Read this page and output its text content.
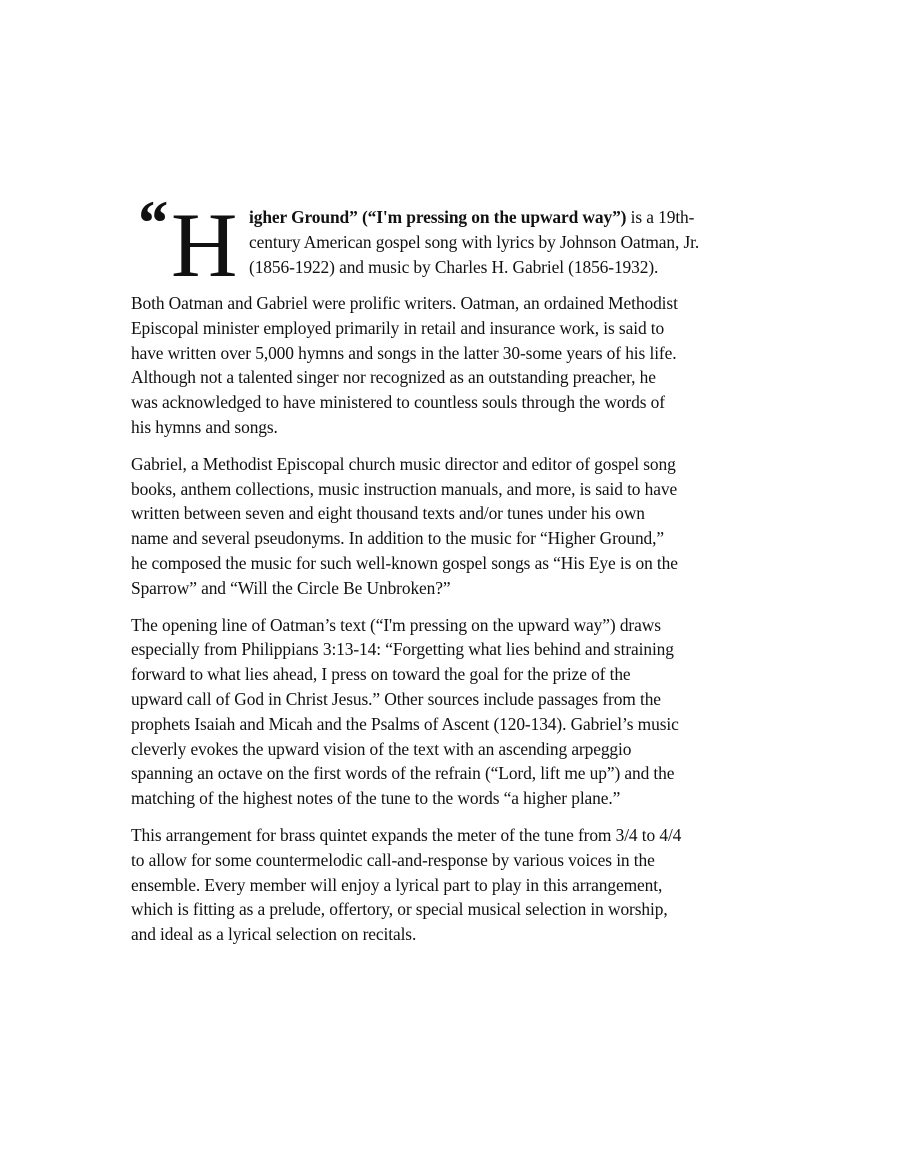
“ H igher Ground” (“I'm pressing on the upward way”) is a 19th-
century American gospel song with lyrics by Johnson Oatman, Jr.
(1856-1922) and music by Charles H. Gabriel (1856-1932).

Both Oatman and Gabriel were prolific writers. Oatman, an ordained Methodist
Episcopal minister employed primarily in retail and insurance work, is said to
have written over 5,000 hymns and songs in the latter 30-some years of his life.
Although not a talented singer nor recognized as an outstanding preacher, he
was acknowledged to have ministered to countless souls through the words of
his hymns and songs.

Gabriel, a Methodist Episcopal church music director and editor of gospel song
books, anthem collections, music instruction manuals, and more, is said to have
written between seven and eight thousand texts and/or tunes under his own
name and several pseudonyms. In addition to the music for “Higher Ground,”
he composed the music for such well-known gospel songs as “His Eye is on the
Sparrow” and “Will the Circle Be Unbroken?”

The opening line of Oatman’s text (“I'm pressing on the upward way”) draws
especially from Philippians 3:13-14: “Forgetting what lies behind and straining
forward to what lies ahead, I press on toward the goal for the prize of the
upward call of God in Christ Jesus.” Other sources include passages from the
prophets Isaiah and Micah and the Psalms of Ascent (120-134). Gabriel’s music
cleverly evokes the upward vision of the text with an ascending arpeggio
spanning an octave on the first words of the refrain (“Lord, lift me up”) and the
matching of the highest notes of the tune to the words “a higher plane.”

This arrangement for brass quintet expands the meter of the tune from 3/4 to 4/4
to allow for some countermelodic call-and-response by various voices in the
ensemble. Every member will enjoy a lyrical part to play in this arrangement,
which is fitting as a prelude, offertory, or special musical selection in worship,
and ideal as a lyrical selection on recitals.
